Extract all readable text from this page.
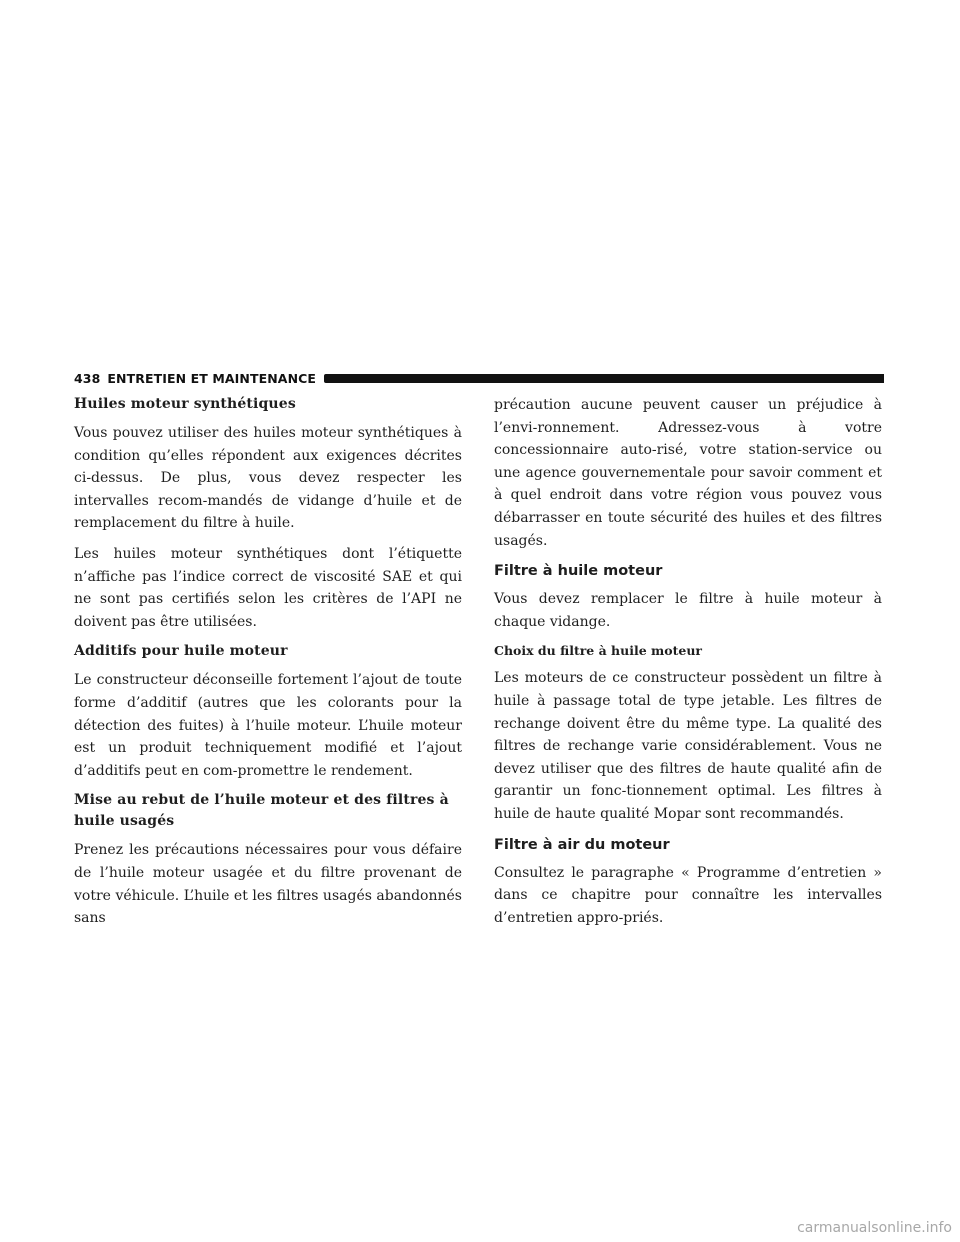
438 ENTRETIEN ET MAINTENANCE
Huiles moteur synthétiques

Vous pouvez utiliser des huiles moteur synthétiques à condition qu’elles répondent aux exigences décrites ci-dessus. De plus, vous devez respecter les intervalles recom-mandés de vidange d’huile et de remplacement du filtre à huile.

Les huiles moteur synthétiques dont l’étiquette n’affiche pas l’indice correct de viscosité SAE et qui ne sont pas certifiés selon les critères de l’API ne doivent pas être utilisées.

Additifs pour huile moteur

Le constructeur déconseille fortement l’ajout de toute forme d’additif (autres que les colorants pour la détection des fuites) à l’huile moteur. L’huile moteur est un produit techniquement modifié et l’ajout d’additifs peut en com-promettre le rendement.

Mise au rebut de l’huile moteur et des filtres à huile usagés

Prenez les précautions nécessaires pour vous défaire de l’huile moteur usagée et du filtre provenant de votre véhicule. L’huile et les filtres usagés abandonnés sans

précaution aucune peuvent causer un préjudice à l’envi-ronnement. Adressez-vous à votre concessionnaire auto-risé, votre station-service ou une agence gouvernementale pour savoir comment et à quel endroit dans votre région vous pouvez vous débarrasser en toute sécurité des huiles et des filtres usagés.

Filtre à huile moteur

Vous devez remplacer le filtre à huile moteur à chaque vidange.

Choix du filtre à huile moteur

Les moteurs de ce constructeur possèdent un filtre à huile à passage total de type jetable. Les filtres de rechange doivent être du même type. La qualité des filtres de rechange varie considérablement. Vous ne devez utiliser que des filtres de haute qualité afin de garantir un fonc-tionnement optimal. Les filtres à huile de haute qualité Mopar sont recommandés.

Filtre à air du moteur

Consultez le paragraphe « Programme d’entretien » dans ce chapitre pour connaître les intervalles d’entretien appro-priés.

carmanualsonline.info
